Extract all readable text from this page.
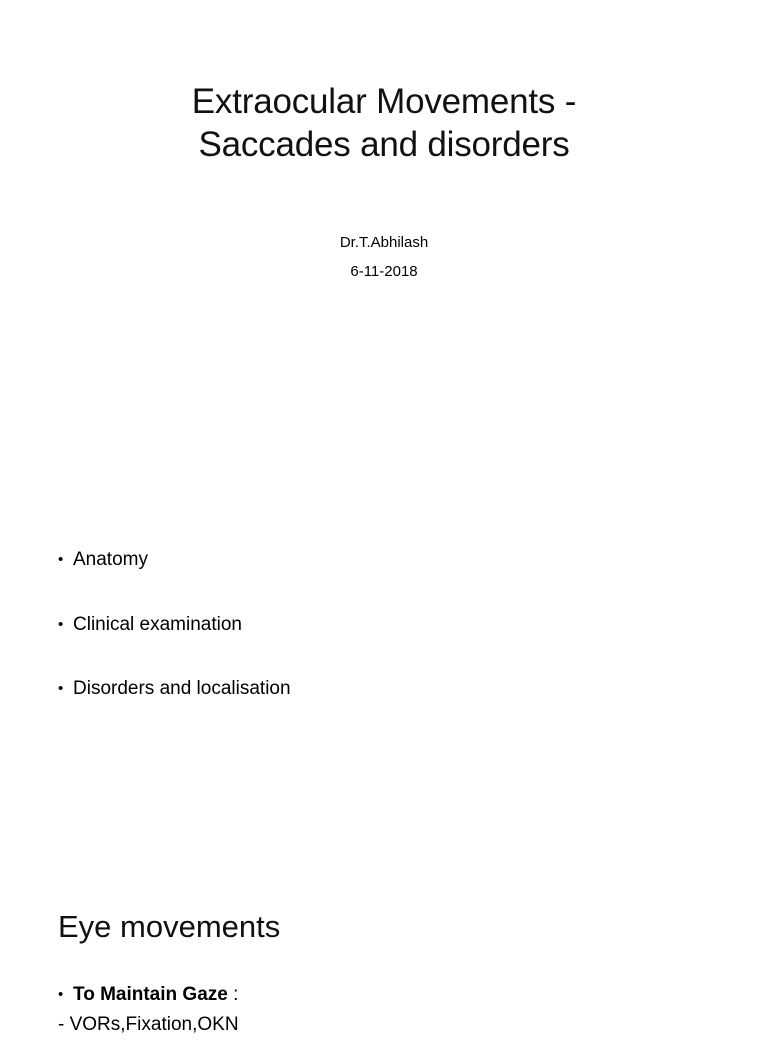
Extraocular Movements -
Saccades and disorders
Dr.T.Abhilash
6-11-2018
• Anatomy
• Clinical examination
• Disorders and localisation
Eye movements
• To Maintain Gaze :
- VORs,Fixation,OKN
